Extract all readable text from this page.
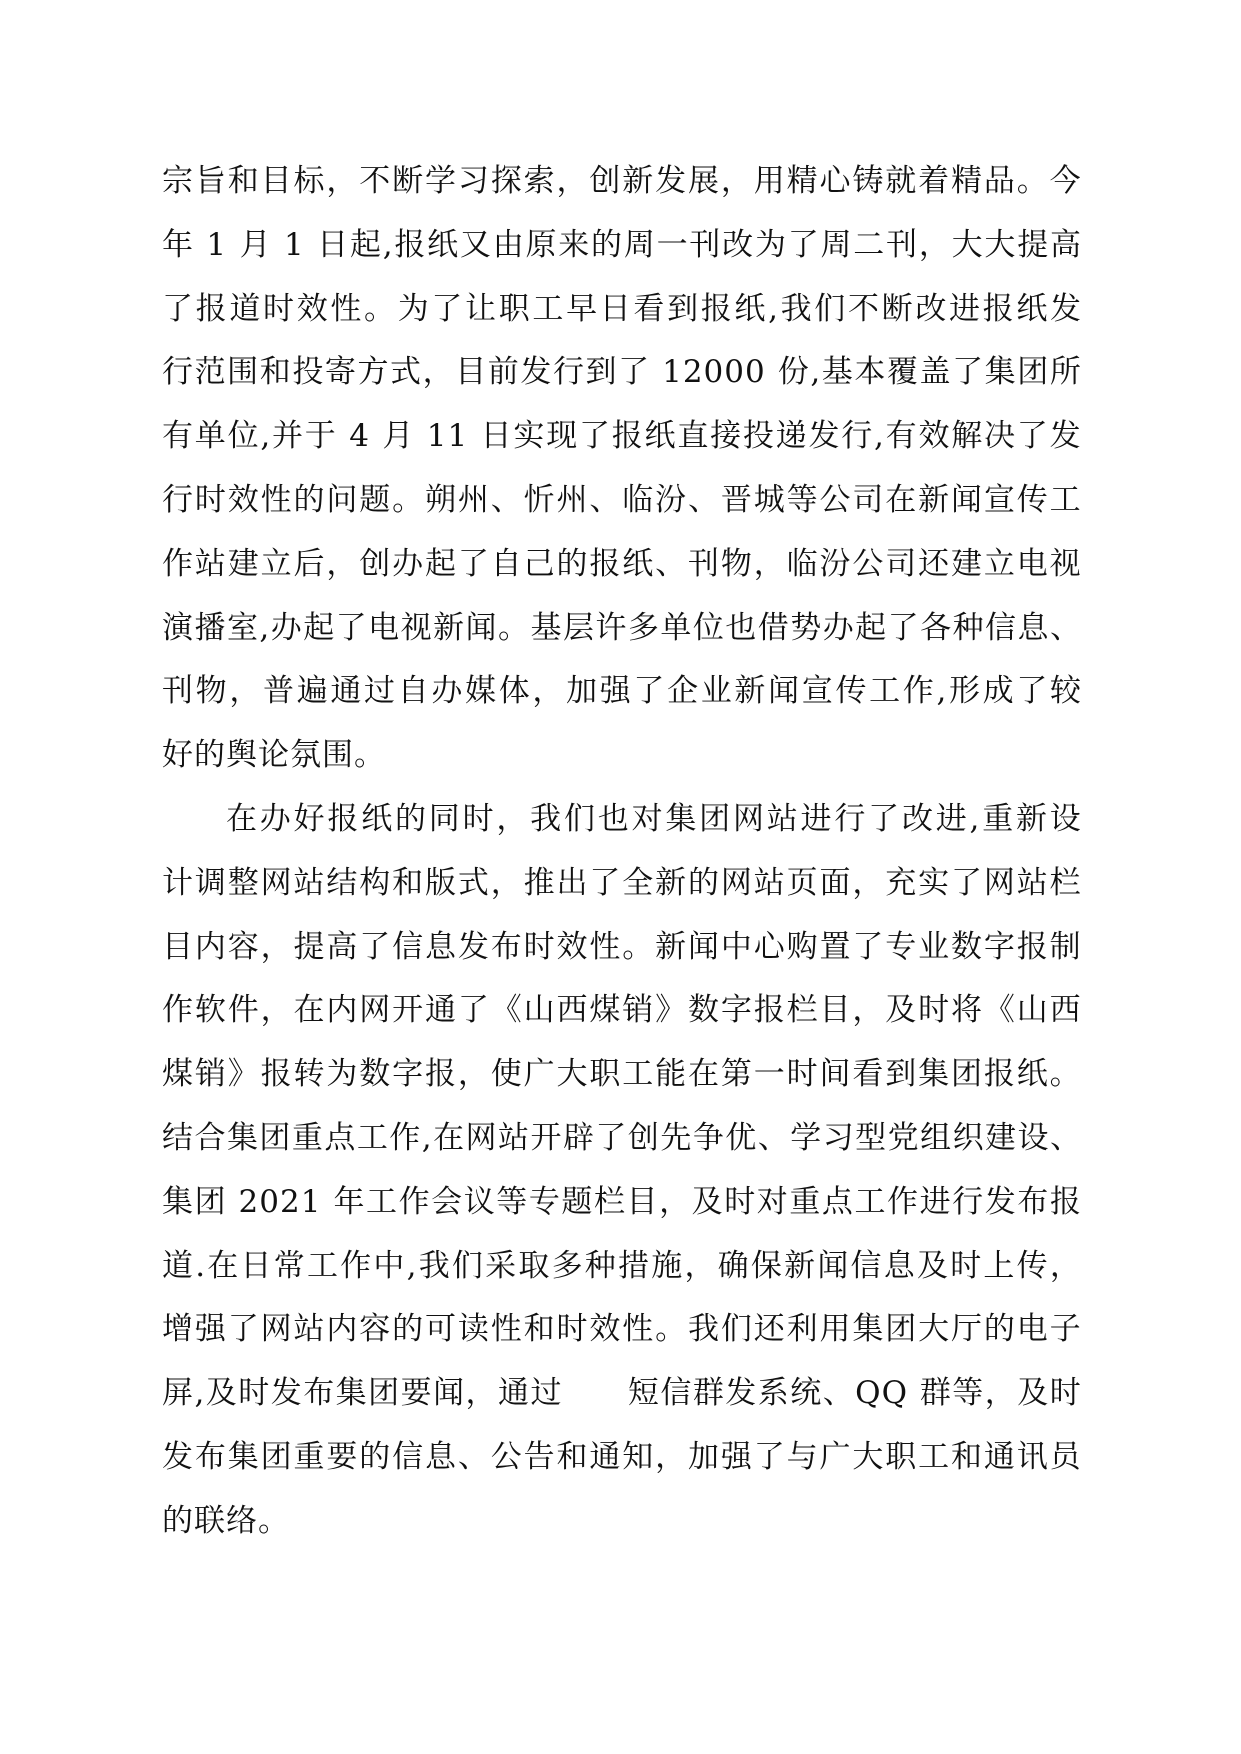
宗 旨 和 目 标 ， 不 断 学 习 探 索 ， 创 新 发 展 ， 用 精 心 铸 就 着 精 品 。 今
年
1
月
1
日 起 , 报 纸 又 由 原 来 的 周 一 刊 改 为 了 周 二 刊 ， 大 大 提 高
了 报 道 时 效 性 。 为 了 让 职 工 早 日 看 到 报 纸 , 我 们 不 断 改 进 报 纸 发
行 范 围 和 投 寄 方 式 ， 目 前 发 行 到 了
12000
份 , 基 本 覆 盖 了 集 团 所
有 单 位 , 并 于
4
月
11
日 实 现 了 报 纸 直 接 投 递 发 行 , 有 效 解 决 了 发
行 时 效 性 的 问 题 。 朔 州 、 忻 州 、 临 汾 、 晋 城 等 公 司 在 新 闻 宣 传 工
作 站 建 立 后 ， 创 办 起 了 自 己 的 报 纸 、 刊 物 ， 临 汾 公 司 还 建 立 电 视
演 播 室 , 办 起 了 电 视 新 闻 。 基 层 许 多 单 位 也 借 势 办 起 了 各 种 信 息 、
刊 物 ， 普 遍 通 过 自 办 媒 体 ， 加 强 了 企 业 新 闻 宣 传 工 作 , 形 成 了 较
好的舆论氛围。
在 办 好 报 纸 的 同 时 ， 我 们 也 对 集 团 网 站 进 行 了 改 进 , 重 新 设
计 调 整 网 站 结 构 和 版 式 ， 推 出 了 全 新 的 网 站 页 面 ， 充 实 了 网 站 栏
目 内 容 ， 提 高 了 信 息 发 布 时 效 性 。 新 闻 中 心 购 置 了 专 业 数 字 报 制
作 软 件 ， 在 内 网 开 通 了 《 山 西 煤 销 》 数 字 报 栏 目 ， 及 时 将 《 山 西
煤 销 》 报 转 为 数 字 报 ， 使 广 大 职 工 能 在 第 一 时 间 看 到 集 团 报 纸 。
结 合 集 团 重 点 工 作 , 在 网 站 开 辟 了 创 先 争 优 、 学 习 型 党 组 织 建 设 、
集 团
2021
年 工 作 会 议 等 专 题 栏 目 ， 及 时 对 重 点 工 作 进 行 发 布 报
道 . 在 日 常 工 作 中 , 我 们 采 取 多 种 措 施 ， 确 保 新 闻 信 息 及 时 上 传 ，
增 强 了 网 站 内 容 的 可 读 性 和 时 效 性 。 我 们 还 利 用 集 团 大 厅 的 电 子
屏 , 及 时 发 布 集 团 要 闻 ， 通 过

　 短 信 群 发 系 统 、 QQ
群 等 ， 及 时
发 布 集 团 重 要 的 信 息 、 公 告 和 通 知 ， 加 强 了 与 广 大 职 工 和 通 讯 员
的联络。
